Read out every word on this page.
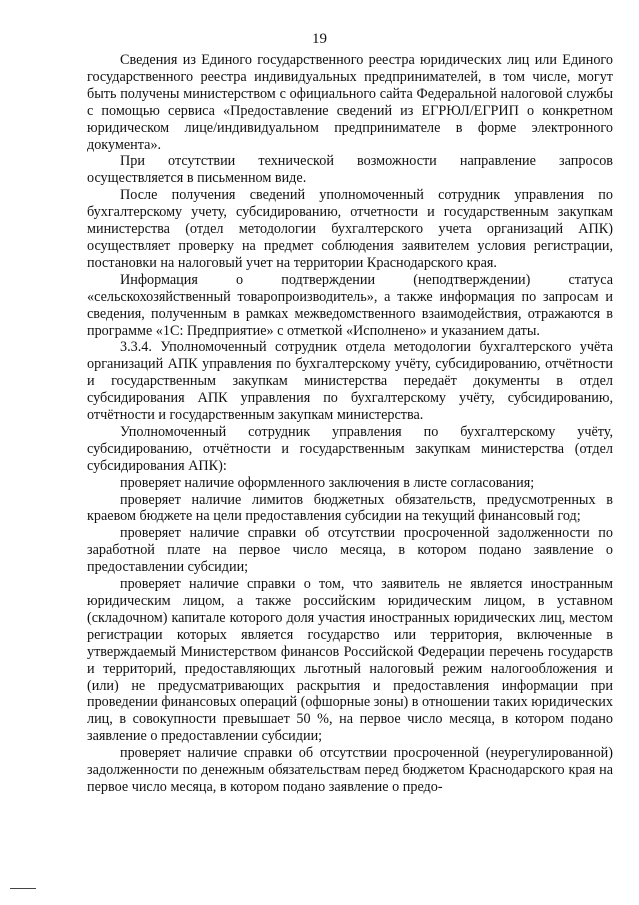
19

Сведения из Единого государственного реестра юридических лиц или Единого государственного реестра индивидуальных предпринимателей, в том числе, могут быть получены министерством с официального сайта Федеральной налоговой службы с помощью сервиса «Предоставление сведений из ЕГРЮЛ/ЕГРИП о конкретном юридическом лице/индивидуальном предпринимателе в форме электронного документа».

При отсутствии технической возможности направление запросов осуществляется в письменном виде.

После получения сведений уполномоченный сотрудник управления по бухгалтерскому учету, субсидированию, отчетности и государственным закупкам министерства (отдел методологии бухгалтерского учета организаций АПК) осуществляет проверку на предмет соблюдения заявителем условия регистрации, постановки на налоговый учет на территории Краснодарского края.

Информация о подтверждении (неподтверждении) статуса «сельскохозяйственный товаропроизводитель», а также информация по запросам и сведения, полученным в рамках межведомственного взаимодействия, отражаются в программе «1С: Предприятие» с отметкой «Исполнено» и указанием даты.

3.3.4. Уполномоченный сотрудник отдела методологии бухгалтерского учёта организаций АПК управления по бухгалтерскому учёту, субсидированию, отчётности и государственным закупкам министерства передаёт документы в отдел субсидирования АПК управления по бухгалтерскому учёту, субсидированию, отчётности и государственным закупкам министерства.

Уполномоченный сотрудник управления по бухгалтерскому учёту, субсидированию, отчётности и государственным закупкам министерства (отдел субсидирования АПК):

проверяет наличие оформленного заключения в листе согласования;

проверяет наличие лимитов бюджетных обязательств, предусмотренных в краевом бюджете на цели предоставления субсидии на текущий финансовый год;

проверяет наличие справки об отсутствии просроченной задолженности по заработной плате на первое число месяца, в котором подано заявление о предоставлении субсидии;

проверяет наличие справки о том, что заявитель не является иностранным юридическим лицом, а также российским юридическим лицом, в уставном (складочном) капитале которого доля участия иностранных юридических лиц, местом регистрации которых является государство или территория, включенные в утверждаемый Министерством финансов Российской Федерации перечень государств и территорий, предоставляющих льготный налоговый режим налогообложения и (или) не предусматривающих раскрытия и предоставления информации при проведении финансовых операций (офшорные зоны) в отношении таких юридических лиц, в совокупности превышает 50 %, на первое число месяца, в котором подано заявление о предоставлении субсидии;

проверяет наличие справки об отсутствии просроченной (неурегулированной) задолженности по денежным обязательствам перед бюджетом Краснодарского края на первое число месяца, в котором подано заявление о предо-
